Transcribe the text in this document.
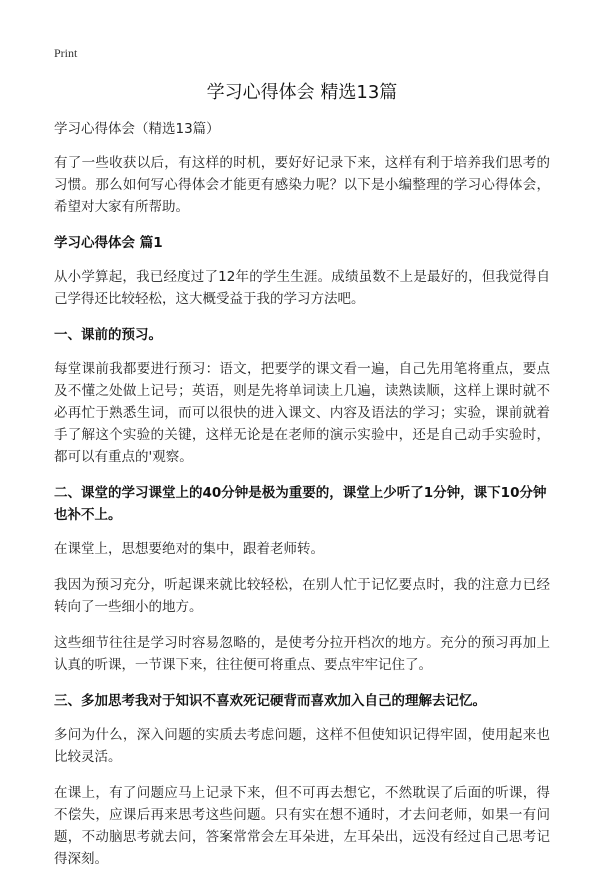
Print
学习心得体会 精选13篇

学习心得体会（精选13篇）

有了一些收获以后，有这样的时机，要好好记录下来，这样有利于培养我们思考的习惯。那么如何写心得体会才能更有感染力呢？以下是小编整理的学习心得体会，希望对大家有所帮助。

学习心得体会 篇1

从小学算起，我已经度过了12年的学生生涯。成绩虽数不上是最好的，但我觉得自己学得还比较轻松，这大概受益于我的学习方法吧。

一、课前的预习。

每堂课前我都要进行预习：语文，把要学的课文看一遍，自己先用笔将重点，要点及不懂之处做上记号；英语，则是先将单词读上几遍，读熟读顺，这样上课时就不必再忙于熟悉生词，而可以很快的进入课文、内容及语法的学习；实验，课前就着手了解这个实验的关键，这样无论是在老师的演示实验中，还是自己动手实验时，都可以有重点的'观察。

二、课堂的学习课堂上的40分钟是极为重要的，课堂上少听了1分钟，课下10分钟也补不上。

在课堂上，思想要绝对的集中，跟着老师转。

我因为预习充分，听起课来就比较轻松，在别人忙于记忆要点时，我的注意力已经转向了一些细小的地方。

这些细节往往是学习时容易忽略的，是使考分拉开档次的地方。充分的预习再加上认真的听课，一节课下来，往往便可将重点、要点牢牢记住了。

三、多加思考我对于知识不喜欢死记硬背而喜欢加入自己的理解去记忆。

多问为什么，深入问题的实质去考虑问题，这样不但使知识记得牢固，使用起来也比较灵活。

在课上，有了问题应马上记录下来，但不可再去想它，不然耽误了后面的听课，得不偿失，应课后再来思考这些问题。只有实在想不通时，才去问老师，如果一有问题，不动脑思考就去问，答案常常会左耳朵进，左耳朵出，远没有经过自己思考记得深刻。
